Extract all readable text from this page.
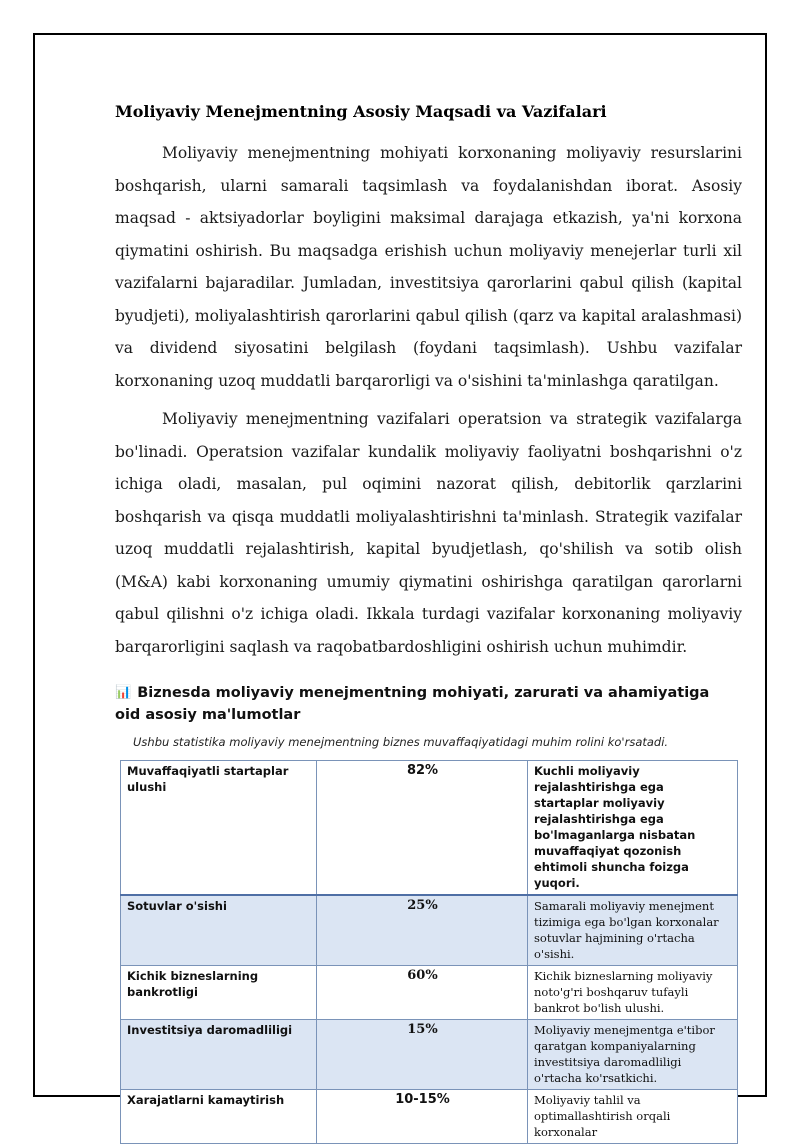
Moliyaviy Menejmentning Asosiy Maqsadi va Vazifalari

Moliyaviy menejmentning mohiyati korxonaning moliyaviy resurslarini boshqarish, ularni samarali taqsimlash va foydalanishdan iborat. Asosiy maqsad - aktsiyadorlar boyligini maksimal darajaga etkazish, ya'ni korxona qiymatini oshirish. Bu maqsadga erishish uchun moliyaviy menejerlar turli xil vazifalarni bajaradilar. Jumladan, investitsiya qarorlarini qabul qilish (kapital byudjeti), moliyalashtirish qarorlarini qabul qilish (qarz va kapital aralashmasi) va dividend siyosatini belgilash (foydani taqsimlash). Ushbu vazifalar korxonaning uzoq muddatli barqarorligi va o'sishini ta'minlashga qaratilgan.

Moliyaviy menejmentning vazifalari operatsion va strategik vazifalarga bo'linadi. Operatsion vazifalar kundalik moliyaviy faoliyatni boshqarishni o'z ichiga oladi, masalan, pul oqimini nazorat qilish, debitorlik qarzlarini boshqarish va qisqa muddatli moliyalashtirishni ta'minlash. Strategik vazifalar uzoq muddatli rejalashtirish, kapital byudjetlash, qo'shilish va sotib olish (M&A) kabi korxonaning umumiy qiymatini oshirishga qaratilgan qarorlarni qabul qilishni o'z ichiga oladi. Ikkala turdagi vazifalar korxonaning moliyaviy barqarorligini saqlash va raqobatbardoshligini oshirish uchun muhimdir.

📊 Biznesda moliyaviy menejmentning mohiyati, zarurati va ahamiyatiga oid asosiy ma'lumotlar

Ushbu statistika moliyaviy menejmentning biznes muvaffaqiyatidagi muhim rolini ko'rsatadi.

Muvaffaqiyatli startaplar ulushi	82%	Kuchli moliyaviy rejalashtirishga ega startaplar moliyaviy rejalashtirishga ega bo'lmaganlarga nisbatan muvaffaqiyat qozonish ehtimoli shuncha foizga yuqori.
Sotuvlar o'sishi	25%	Samarali moliyaviy menejment tizimiga ega bo'lgan korxonalar sotuvlar hajmining o'rtacha o'sishi.
Kichik bizneslarning bankrotligi	60%	Kichik bizneslarning moliyaviy noto'g'ri boshqaruv tufayli bankrot bo'lish ulushi.
Investitsiya daromadliligi	15%	Moliyaviy menejmentga e'tibor qaratgan kompaniyalarning investitsiya daromadliligi o'rtacha ko'rsatkichi.
Xarajatlarni kamaytirish	10-15%	Moliyaviy tahlil va optimallashtirish orqali korxonalar
